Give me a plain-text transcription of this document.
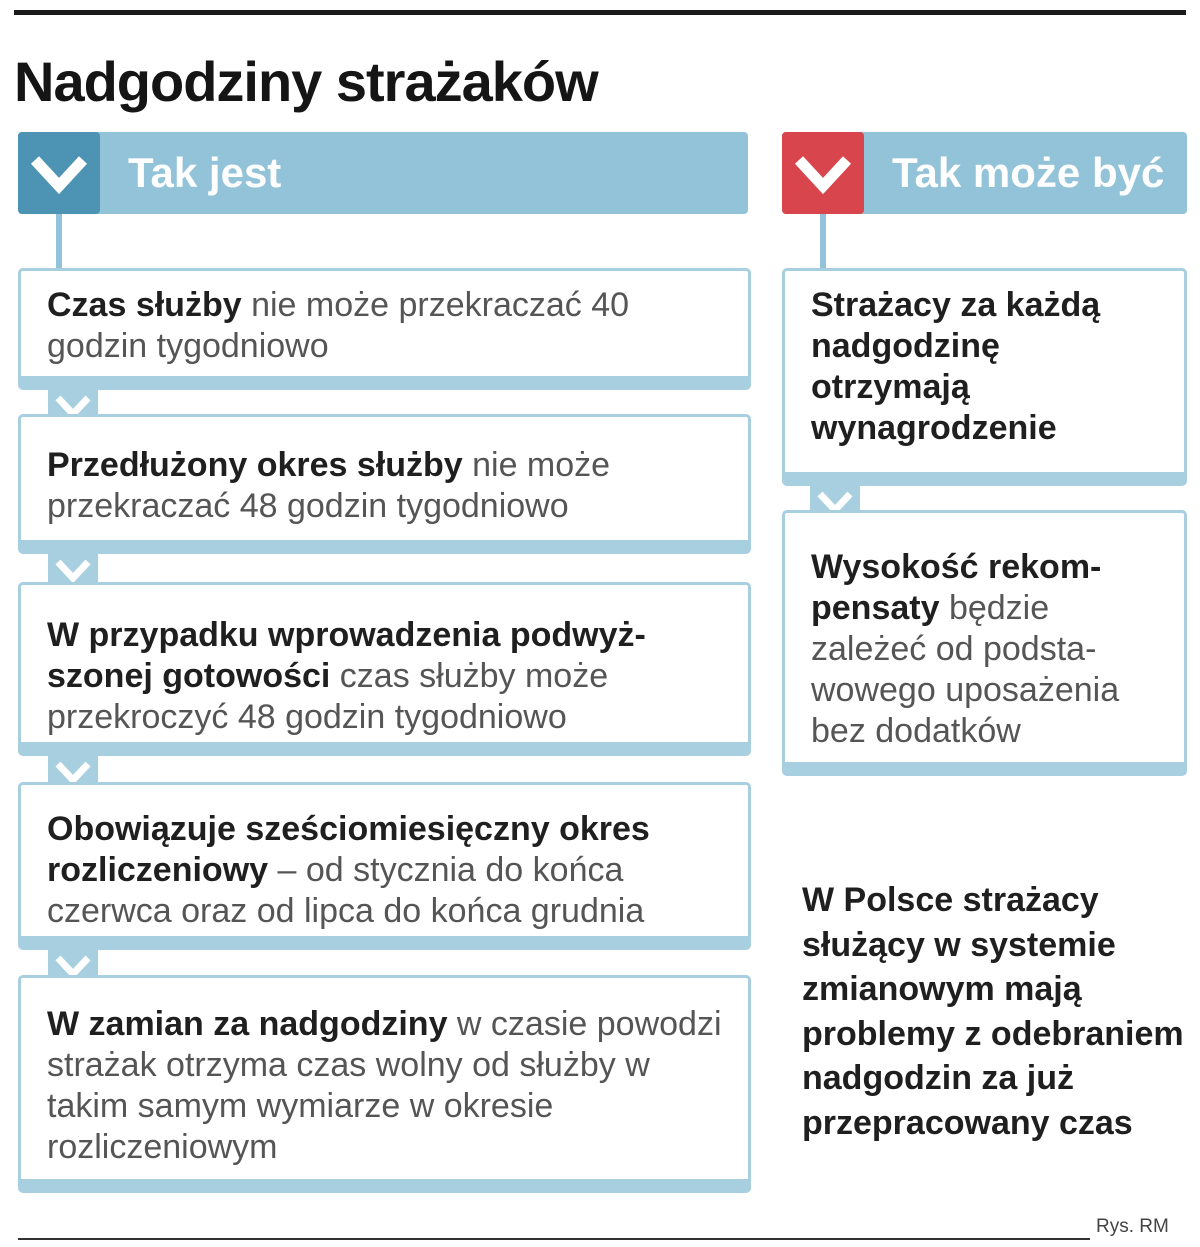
Nadgodziny strażaków
Tak jest	Tak może być
Czas służby nie może przekraczać 40 godzin tygodniowo
Przedłużony okres służby nie może przekraczać 48 godzin tygodniowo
W przypadku wprowadzenia podwyż-szonej gotowości czas służby może przekroczyć 48 godzin tygodniowo
Obowiązuje sześciomiesięczny okres rozliczeniowy – od stycznia do końca czerwca oraz od lipca do końca grudnia
W zamian za nadgodziny w czasie powodzi strażak otrzyma czas wolny od służby w takim samym wymiarze w okresie rozliczeniowym
Strażacy za każdą nadgodzinę otrzymają wynagrodzenie
Wysokość rekom-pensaty będzie zależeć od podsta-wowego uposażenia bez dodatków
W Polsce strażacy służący w systemie zmianowym mają problemy z odebraniem nadgodzin za już przepracowany czas
Rys. RM
